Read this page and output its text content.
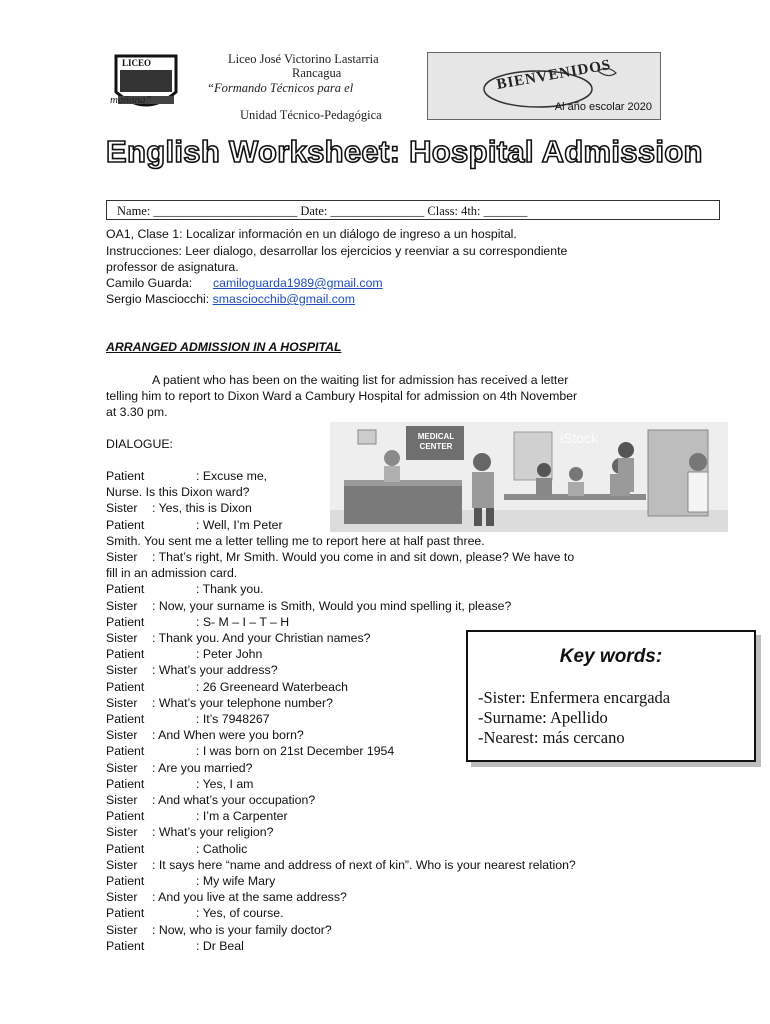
LICEO	Liceo José Victorino Lastarria
Rancagua
“Formando Técnicos para el
mañana”
Unidad Técnico-Pedagógica
BIENVENIDOS
Al año escolar 2020
English Worksheet: Hospital Admission
Name: _______________________ Date: _______________ Class: 4th: _______
OA1, Clase 1: Localizar información en un diálogo de ingreso a un hospital.
Instrucciones: Leer dialogo, desarrollar los ejercicios y reenviar a su correspondiente
professor de asignatura.
Camilo Guarda: camiloguarda1989@gmail.com
Sergio Masciocchi: smasciocchib@gmail.com
ARRANGED ADMISSION IN A HOSPITAL
A patient who has been on the waiting list for admission has received a letter
telling him to report to Dixon Ward a Cambury Hospital for admission on 4th November
at 3.30 pm.
DIALOGUE:
MEDICAL
CENTER
iStock
Patient	: Excuse me,
Nurse. Is this Dixon ward?
Sister : Yes, this is Dixon
Patient	: Well, I’m Peter
Smith. You sent me a letter telling me to report here at half past three.
Sister : That’s right, Mr Smith. Would you come in and sit down, please? We have to
fill in an admission card.
Patient	: Thank you.
Sister : Now, your surname is Smith, Would you mind spelling it, please?
Patient	: S- M – I – T – H
Sister : Thank you. And your Christian names?
Patient	: Peter John
Sister : What’s your address?
Patient	: 26 Greeneard Waterbeach
Sister : What’s your telephone number?
Patient	: It’s 7948267
Sister : And When were you born?
Patient	: I was born on 21st December 1954
Sister : Are you married?
Patient	: Yes, I am
Sister : And what’s your occupation?
Patient	: I’m a Carpenter
Sister : What’s your religion?
Patient	: Catholic
Sister : It says here “name and address of next of kin”. Who is your nearest relation?
Patient	: My wife Mary
Sister : And you live at the same address?
Patient	: Yes, of course.
Sister : Now, who is your family doctor?
Patient	: Dr Beal
Key words:
-Sister: Enfermera encargada
-Surname: Apellido
-Nearest: más cercano
